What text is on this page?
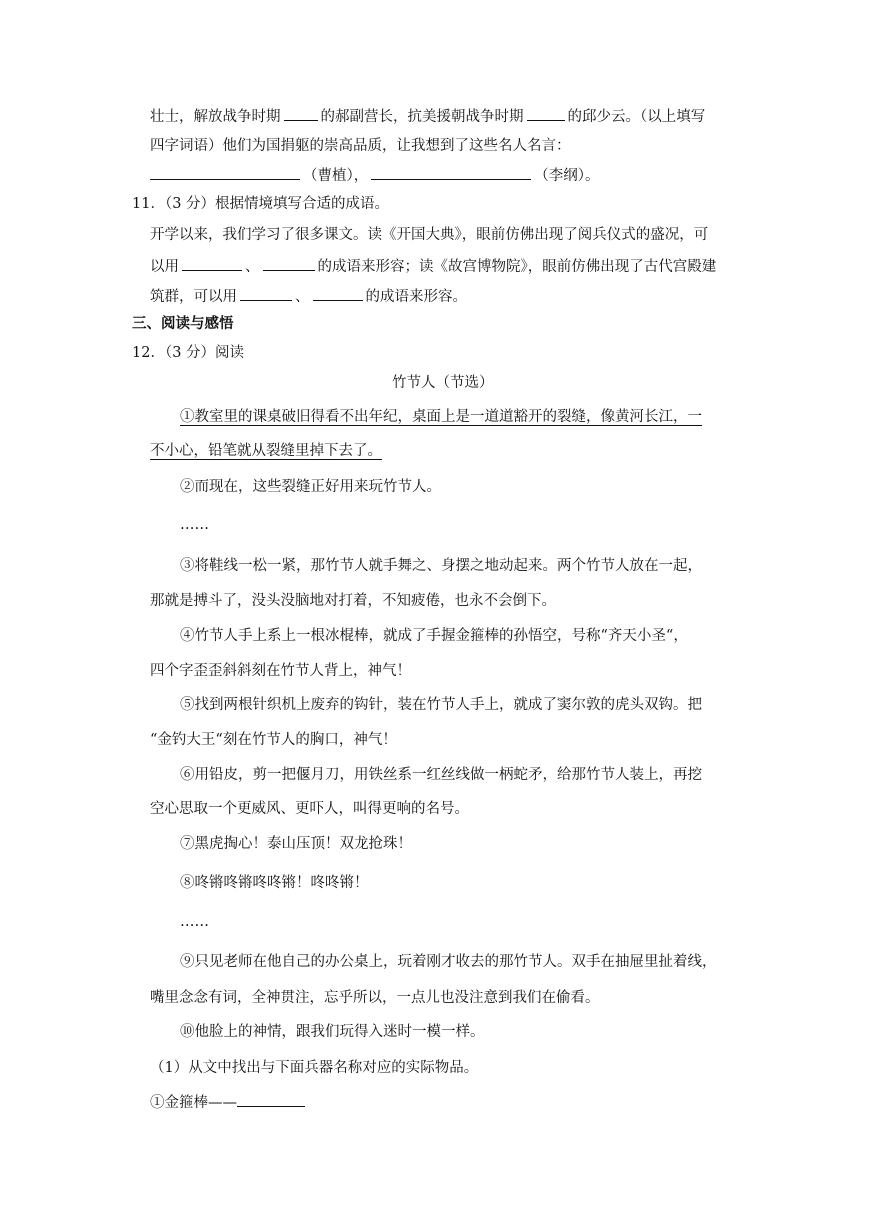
壮士，解放战争时期	的郝副营长，抗美援朝战争时期	的邱少云。（以上填写
四字词语）他们为国捐躯的崇高品质，让我想到了这些名人名言：
（曹植），	（李纲）。
11．（3 分）根据情境填写合适的成语。
开学以来，我们学习了很多课文。读《开国大典》，眼前仿佛出现了阅兵仪式的盛况，可
以用	、	的成语来形容；读《故宫博物院》，眼前仿佛出现了古代宫殿建
筑群，可以用	、	的成语来形容。
三、阅读与感悟
12．（3 分）阅读
竹节人（节选）
①教室里的课桌破旧得看不出年纪，桌面上是一道道豁开的裂缝，像黄河长江，一
不小心，铅笔就从裂缝里掉下去了。
②而现在，这些裂缝正好用来玩竹节人。
……
③将鞋线一松一紧，那竹节人就手舞之、身摆之地动起来。两个竹节人放在一起，
那就是搏斗了，没头没脑地对打着，不知疲倦，也永不会倒下。
④竹节人手上系上一根冰棍棒，就成了手握金箍棒的孙悟空，号称“齐天小圣“，
四个字歪歪斜斜刻在竹节人背上，神气！
⑤找到两根针织机上废弃的钩针，装在竹节人手上，就成了窦尔敦的虎头双钩。把
“金钓大王“刻在竹节人的胸口，神气！
⑥用铅皮，剪一把偃月刀，用铁丝系一红丝线做一柄蛇矛，给那竹节人装上，再挖
空心思取一个更威风、更吓人，叫得更响的名号。
⑦黑虎掏心！泰山压顶！双龙抢珠！
⑧咚锵咚锵咚咚锵！咚咚锵！
……
⑨只见老师在他自己的办公桌上，玩着刚才收去的那竹节人。双手在抽屉里扯着线，
嘴里念念有词，全神贯注，忘乎所以，一点儿也没注意到我们在偷看。
⑩他脸上的神情，跟我们玩得入迷时一模一样。
（1）从文中找出与下面兵器名称对应的实际物品。
①金箍棒——
